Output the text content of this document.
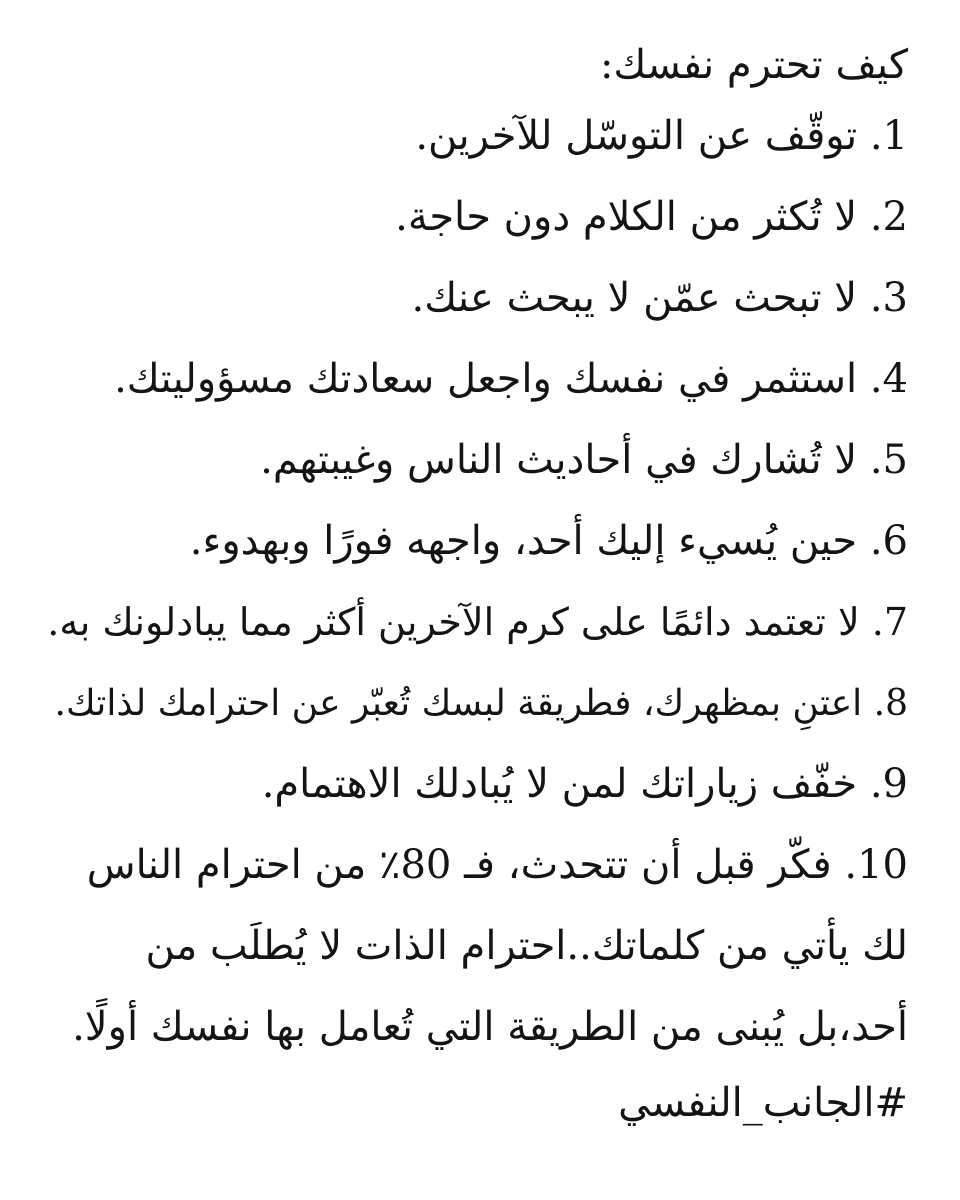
كيف تحترم نفسك:
1. توقّف عن التوسّل للآخرين.
2. لا تُكثر من الكلام دون حاجة.
3. لا تبحث عمّن لا يبحث عنك.
4. استثمر في نفسك واجعل سعادتك مسؤوليتك.
5. لا تُشارك في أحاديث الناس وغيبتهم.
6. حين يُسيء إليك أحد، واجهه فورًا وبهدوء.
7. لا تعتمد دائمًا على كرم الآخرين أكثر مما يبادلونك به.
8. اعتنِ بمظهرك، فطريقة لبسك تُعبّر عن احترامك لذاتك.
9. خفّف زياراتك لمن لا يُبادلك الاهتمام.
10. فكّر قبل أن تتحدث، فـ 80٪ من احترام الناس لك يأتي من كلماتك..احترام الذات لا يُطلَب من أحد،بل يُبنى من الطريقة التي تُعامل بها نفسك أولًا.
#الجانب_النفسي
